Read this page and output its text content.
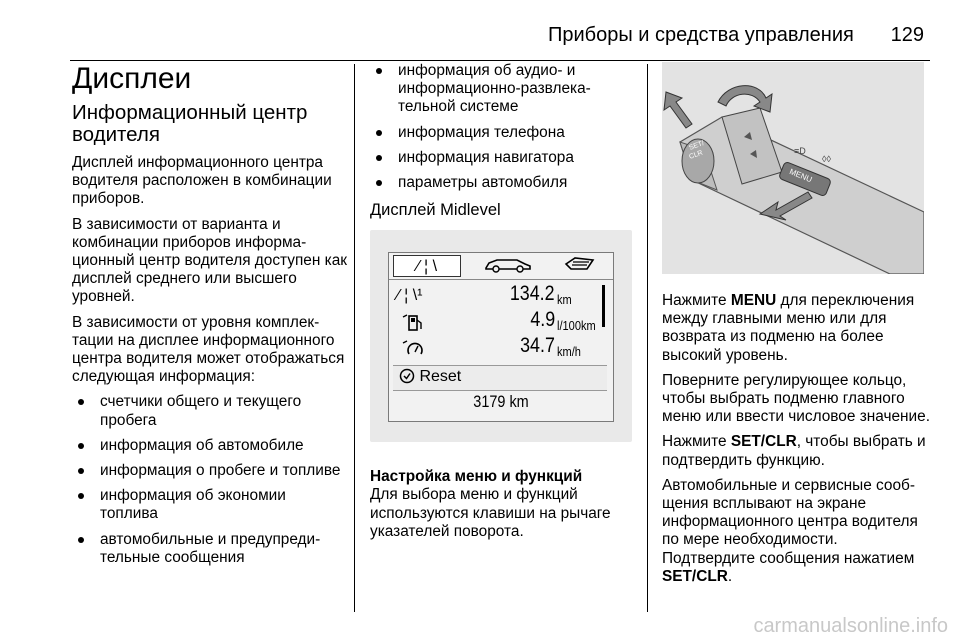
Приборы и средства управления 129
Дисплеи
Информационный центр водителя

Дисплей информационного центра водителя расположен в комбинации приборов.

В зависимости от варианта и комбинации приборов информационный центр водителя доступен как дисплей среднего или высшего уровней.

В зависимости от уровня комплектации на дисплее информационного центра водителя может отображаться следующая информация:

счетчики общего и текущего пробега
информация об автомобиле
информация о пробеге и топливе
информация об экономии топлива
автомобильные и предупредительные сообщения
информация об аудио- и информационно-развлекательной системе
информация телефона
информация навигатора
параметры автомобиля
Дисплей Midlevel
⁄ ¦ \
⁄ ¦ \¹	134.2 km
4.9 l/100km
34.7 km/h
Reset
3179 km
Настройка меню и функций

Для выбора меню и функций используются клавиши на рычаге указателей поворота.

SET/
CLR	≡D
◊◊
MENU

Нажмите MENU для переключения между главными меню или для возврата из подменю на более высокий уровень.

Поверните регулирующее кольцо, чтобы выбрать подменю главного меню или ввести числовое значение.

Нажмите SET/CLR, чтобы выбрать и подтвердить функцию.

Автомобильные и сервисные сообщения всплывают на экране информационного центра водителя по мере необходимости. Подтвердите сообщения нажатием SET/CLR.

carmanualsonline.info
